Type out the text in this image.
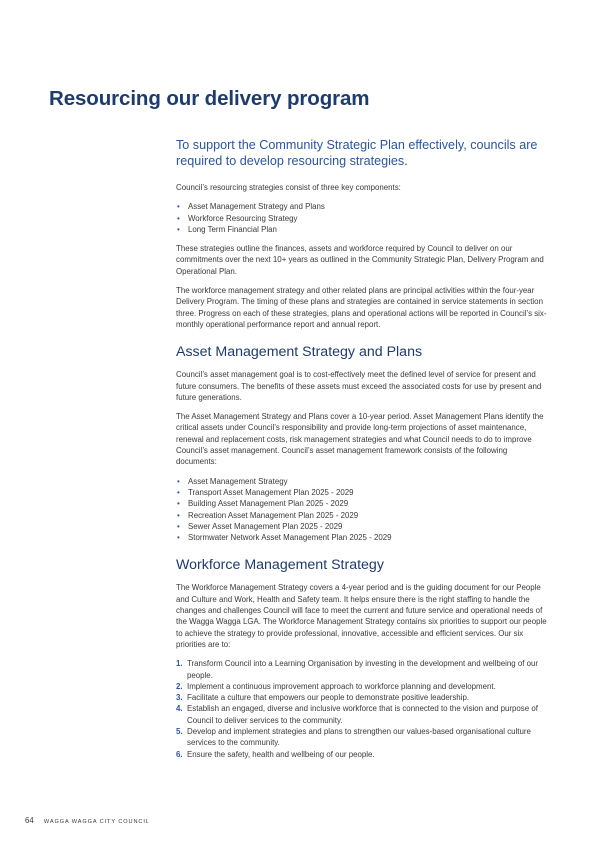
Resourcing our delivery program

To support the Community Strategic Plan effectively, councils are required to develop resourcing strategies.

Council’s resourcing strategies consist of three key components:

• Asset Management Strategy and Plans
• Workforce Resourcing Strategy
• Long Term Financial Plan

These strategies outline the finances, assets and workforce required by Council to deliver on our commitments over the next 10+ years as outlined in the Community Strategic Plan, Delivery Program and Operational Plan.

The workforce management strategy and other related plans are principal activities within the four-year Delivery Program. The timing of these plans and strategies are contained in service statements in section three. Progress on each of these strategies, plans and operational actions will be reported in Council’s six-monthly operational performance report and annual report.

Asset Management Strategy and Plans

Council’s asset management goal is to cost-effectively meet the defined level of service for present and future consumers. The benefits of these assets must exceed the associated costs for use by present and future generations.

The Asset Management Strategy and Plans cover a 10-year period. Asset Management Plans identify the critical assets under Council’s responsibility and provide long-term projections of asset maintenance, renewal and replacement costs, risk management strategies and what Council needs to do to improve Council’s asset management. Council’s asset management framework consists of the following documents:

• Asset Management Strategy
• Transport Asset Management Plan 2025 - 2029
• Building Asset Management Plan 2025 - 2029
• Recreation Asset Management Plan 2025 - 2029
• Sewer Asset Management Plan 2025 - 2029
• Stormwater Network Asset Management Plan 2025 - 2029
Workforce Management Strategy

The Workforce Management Strategy covers a 4-year period and is the guiding document for our People and Culture and Work, Health and Safety team. It helps ensure there is the right staffing to handle the changes and challenges Council will face to meet the current and future service and operational needs of the Wagga Wagga LGA. The Workforce Management Strategy contains six priorities to support our people to achieve the strategy to provide professional, innovative, accessible and efficient services. Our six priorities are to:

1. Transform Council into a Learning Organisation by investing in the development and wellbeing of our people.
2. Implement a continuous improvement approach to workforce planning and development.
3. Facilitate a culture that empowers our people to demonstrate positive leadership.
4. Establish an engaged, diverse and inclusive workforce that is connected to the vision and purpose of Council to deliver services to the community.
5. Develop and implement strategies and plans to strengthen our values-based organisational culture services to the community.
6. Ensure the safety, health and wellbeing of our people.
64 WAGGA WAGGA CITY COUNCIL
